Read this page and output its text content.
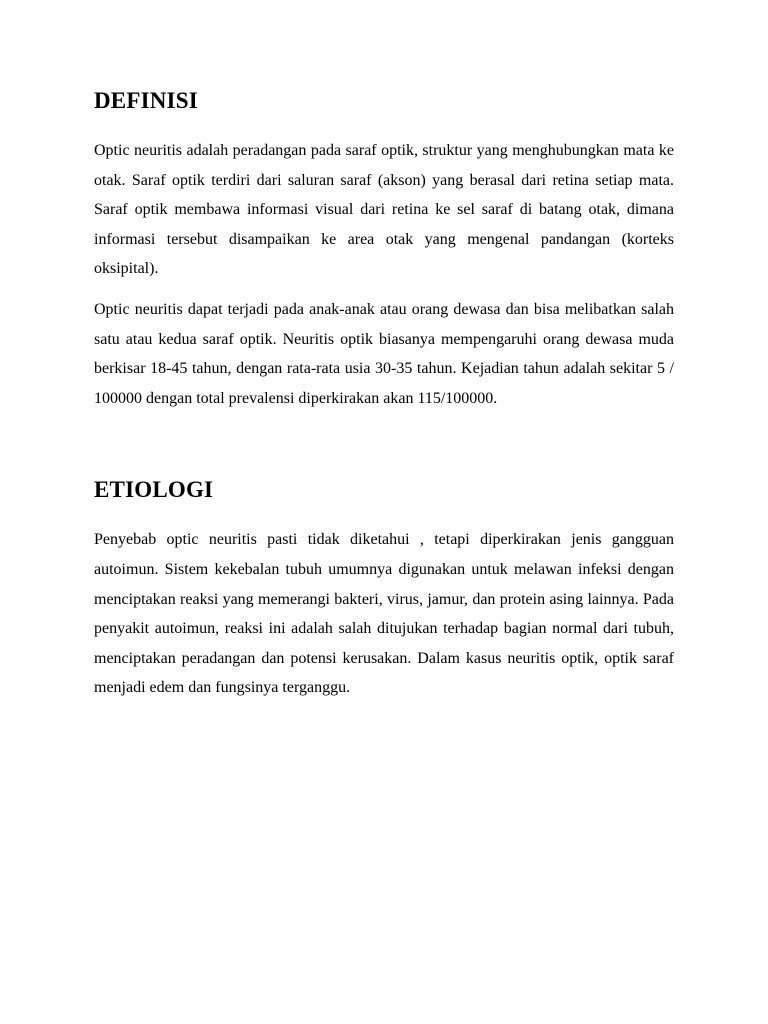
DEFINISI

Optic neuritis adalah peradangan pada saraf optik, struktur yang menghubungkan mata ke otak. Saraf optik terdiri dari saluran saraf (akson) yang berasal dari retina setiap mata. Saraf optik membawa informasi visual dari retina ke sel saraf di batang otak, dimana informasi tersebut disampaikan ke area otak yang mengenal pandangan (korteks oksipital).

Optic neuritis dapat terjadi pada anak-anak atau orang dewasa dan bisa melibatkan salah satu atau kedua saraf optik. Neuritis optik biasanya mempengaruhi orang dewasa muda berkisar 18-45 tahun, dengan rata-rata usia 30-35 tahun. Kejadian tahun adalah sekitar 5 / 100000 dengan total prevalensi diperkirakan akan 115/100000.

ETIOLOGI

Penyebab optic neuritis pasti tidak diketahui , tetapi diperkirakan jenis gangguan autoimun. Sistem kekebalan tubuh umumnya digunakan untuk melawan infeksi dengan menciptakan reaksi yang memerangi bakteri, virus, jamur, dan protein asing lainnya. Pada penyakit autoimun, reaksi ini adalah salah ditujukan terhadap bagian normal dari tubuh, menciptakan peradangan dan potensi kerusakan. Dalam kasus neuritis optik, optik saraf menjadi edem dan fungsinya terganggu.
